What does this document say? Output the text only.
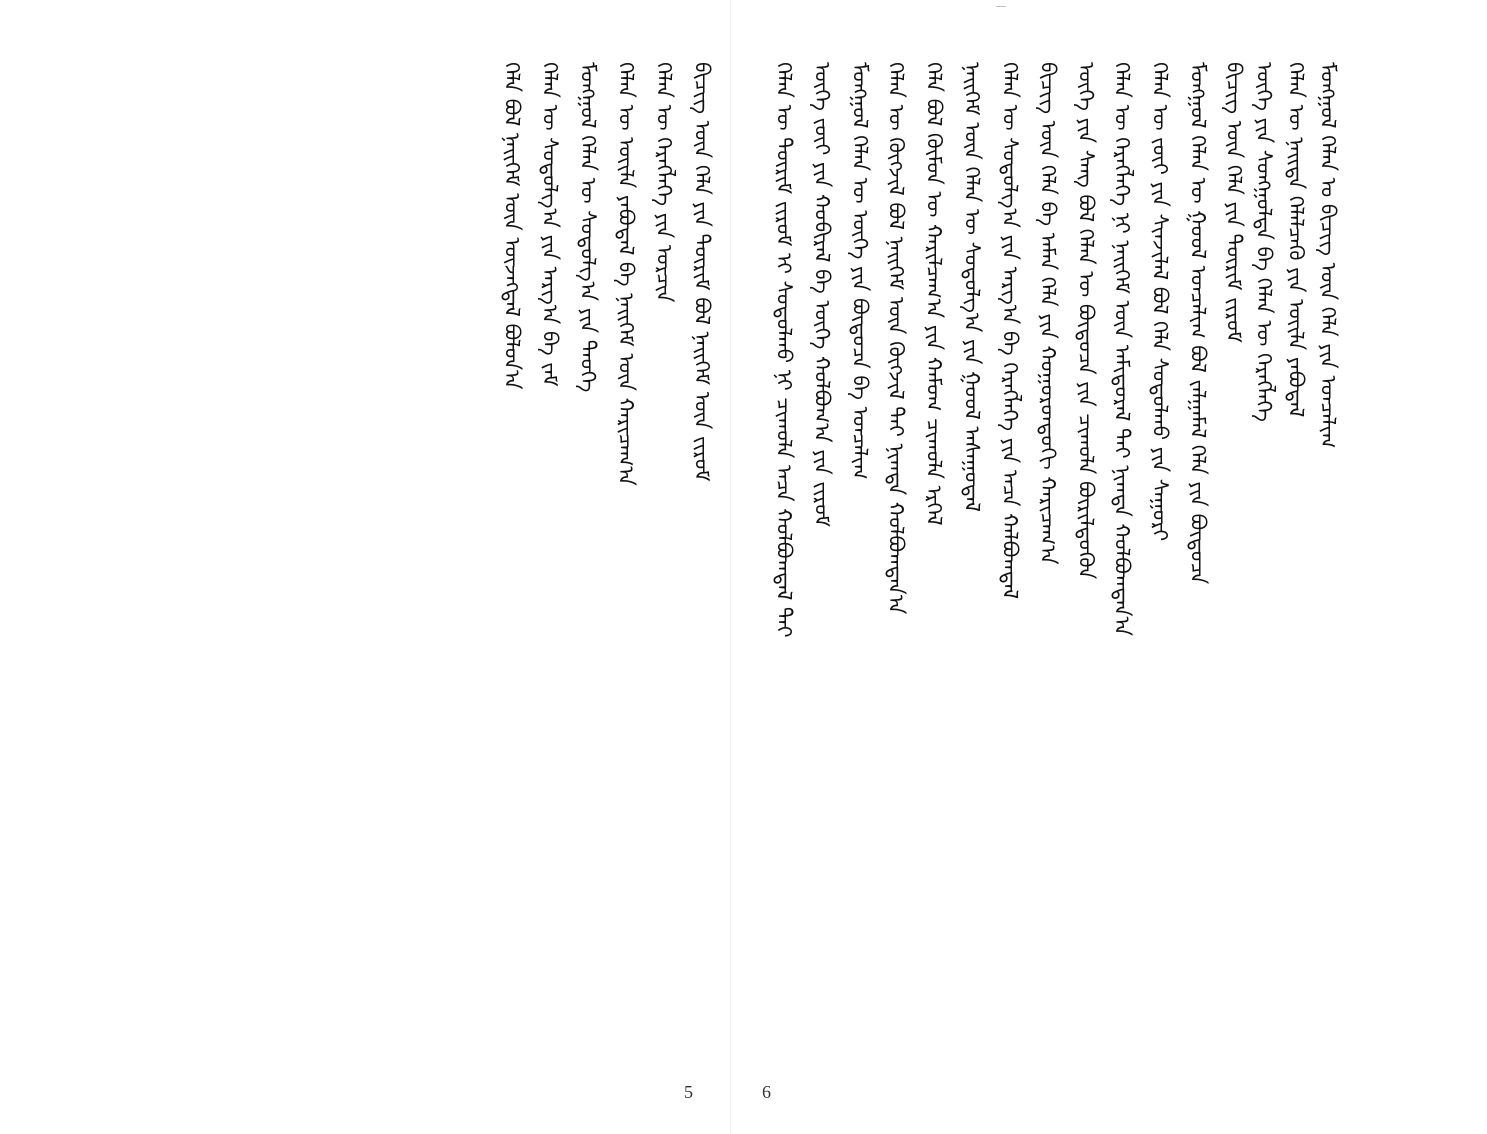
ᠮᠣᠩᠭᠣᠯ ᠬᠡᠯᠡᠨ ᠤ ᠪᠢᠴᠢᠭ ᠦᠨ ᠬᠡᠯᠡ ᠶᠢᠨ ᠣᠨᠴᠠᠯᠢᠭ
ᠬᠡᠯᠡᠨ ᠦ ᠨᠡᠢᠳᠡ ᠬᠡᠯᠡᠯᠴᠡᠬᠦ ᠶᠢᠨ ᠦᠢᠯᠡ ᠶᠠᠪᠤᠳᠠᠯ
ᠦᠭᠡ ᠶᠢᠨ ᠰᠤᠩᠭᠤᠯᠲᠠ ᠪᠠ ᠬᠡᠯᠡᠨ ᠦ ᠬᠡᠷᠡᠭᠯᠡᠭᠡ
ᠪᠢᠴᠢᠭ ᠦᠨ ᠬᠡᠯᠡ ᠶᠢᠨ ᠳᠦᠷᠢᠮ ᠵᠢᠷᠤᠮ
ᠮᠣᠩᠭᠣᠯ ᠬᠡᠯᠡᠨ ᠦ ᠭᠣᠣᠯ ᠣᠨᠴᠠᠯᠢᠭ ᠪᠣᠯ ᠵᠠᠯᠭᠠᠮᠠᠯ ᠬᠡᠯᠡ ᠶᠢᠨ ᠪᠦᠲᠦᠴᠡ
ᠬᠡᠯᠡᠨ ᠦ ᠵᠦᠢ ᠶᠢᠨ ᠰᠢᠨᠵᠢᠯᠡᠯ ᠪᠣᠯ ᠬᠡᠯᠡ ᠰᠤᠳᠤᠯᠬᠤ ᠶᠢᠨ ᠰᠠᠭᠤᠷᠢ
ᠬᠡᠯᠡᠨ ᠦ ᠬᠡᠷᠡᠭᠯᠡᠭᠡ ᠨᠢ ᠨᠡᠢᠭᠡᠮ ᠦᠨ ᠠᠮᠢᠳᠤᠷᠠᠯ ᠲᠠᠢ ᠨᠢᠭᠲᠠ ᠬᠣᠯᠪᠣᠭᠳᠠᠨ᠎ᠠ
ᠦᠭᠡ ᠶᠢᠨ ᠰᠠᠩ ᠪᠣᠯ ᠬᠡᠯᠡᠨ ᠦ ᠪᠦᠲᠦᠴᠡ ᠶᠢᠨ ᠴᠢᠬᠤᠯᠠ ᠪᠦᠷᠢᠯᠳᠦᠬᠦᠨ
ᠪᠢᠴᠢᠭ ᠦᠨ ᠬᠡᠯᠡ ᠪᠠ ᠠᠮᠠᠨ ᠬᠡᠯᠡ ᠶᠢᠨ ᠬᠣᠭᠣᠷᠤᠨᠳᠤᠬᠢ ᠬᠠᠷᠢᠴᠠᠭ᠎ᠠ
ᠬᠡᠯᠡᠨ ᠦ ᠰᠤᠳᠤᠯᠭ᠎ᠠ ᠶᠢᠨ ᠠᠷᠭ᠎ᠠ ᠪᠠ ᠬᠡᠷᠡᠭᠯᠡᠭᠡ ᠶᠢᠨ ᠠᠴᠠ ᠬᠠᠯᠪᠣᠭᠳᠠᠯ
ᠨᠡᠢᠭᠡᠮ ᠦᠨ ᠬᠡᠯᠡᠨ ᠦ ᠰᠤᠳᠤᠯᠭ᠎ᠠ ᠶᠢᠨ ᠭᠣᠣᠯ ᠠᠰᠠᠭᠤᠳᠠᠯ
ᠬᠡᠯᠡ ᠪᠣᠯ ᠬᠦᠮᠦᠨ ᠦ ᠬᠠᠷᠢᠯᠴᠠᠭ᠎ᠠ ᠶᠢᠨ ᠬᠠᠮᠤᠭ ᠴᠢᠬᠤᠯᠠ ᠡᠷᠭᠡᠯ
ᠬᠡᠯᠡᠨ ᠦ ᠬᠦᠭᠵᠢᠯ ᠪᠣᠯ ᠨᠡᠢᠭᠡᠮ ᠦᠨ ᠬᠦᠭᠵᠢᠯ ᠲᠠᠢ ᠨᠢᠭᠲᠠ ᠬᠣᠯᠪᠣᠭᠳᠠᠨ᠎ᠠ
ᠮᠣᠩᠭᠣᠯ ᠬᠡᠯᠡᠨ ᠦ ᠦᠭᠡ ᠶᠢᠨ ᠪᠦᠲᠦᠴᠡ ᠪᠠ ᠣᠨᠴᠠᠯᠢᠭ
ᠦᠭᠡ ᠵᠦᠢ ᠶᠢᠨ ᠬᠤᠪᠢᠷᠠᠯ ᠪᠠ ᠦᠭᠡ ᠬᠣᠯᠪᠣᠭ᠎ᠠ ᠶᠢᠨ ᠵᠢᠷᠤᠮ
ᠬᠡᠯᠡᠨ ᠦ ᠳᠦᠷᠢᠮ ᠵᠢᠷᠤᠮ ᠢ ᠰᠤᠳᠤᠯᠬᠤ ᠨᠢ ᠴᠢᠬᠤᠯᠠ ᠠᠴᠠ ᠬᠣᠯᠪᠣᠭᠳᠠᠯ ᠲᠠᠢ
ᠪᠢᠴᠢᠭ ᠦᠨ ᠬᠡᠯᠡ ᠶᠢᠨ ᠳᠦᠷᠢᠮ ᠪᠣᠯ ᠨᠡᠢᠭᠡᠮ ᠦᠨ ᠵᠢᠷᠤᠮ
ᠬᠡᠯᠡᠨ ᠦ ᠬᠡᠷᠡᠭᠯᠡᠭᠡ ᠶᠢᠨ ᠣᠷᠴᠢᠨ
ᠬᠡᠯᠡᠨ ᠦ ᠦᠢᠯᠡ ᠶᠠᠪᠤᠳᠠᠯ ᠪᠠ ᠨᠡᠢᠭᠡᠮ ᠦᠨ ᠬᠠᠷᠢᠴᠠᠭ᠎ᠠ
ᠮᠣᠩᠭᠣᠯ ᠬᠡᠯᠡᠨ ᠦ ᠰᠤᠳᠤᠯᠭ᠎ᠠ ᠶᠢᠨ ᠲᠡᠦᠬᠡ
ᠬᠡᠯᠡᠨ ᠦ ᠰᠤᠳᠤᠯᠭ᠎ᠠ ᠶᠢᠨ ᠠᠷᠭ᠎ᠠ ᠪᠠ ᠵᠠᠮ
ᠬᠡᠯᠡ ᠪᠣᠯ ᠨᠡᠢᠭᠡᠮ ᠦᠨ ᠦᠵᠡᠭᠳᠡᠯ ᠪᠣᠯᠤᠨ᠎ᠠ
5	6
